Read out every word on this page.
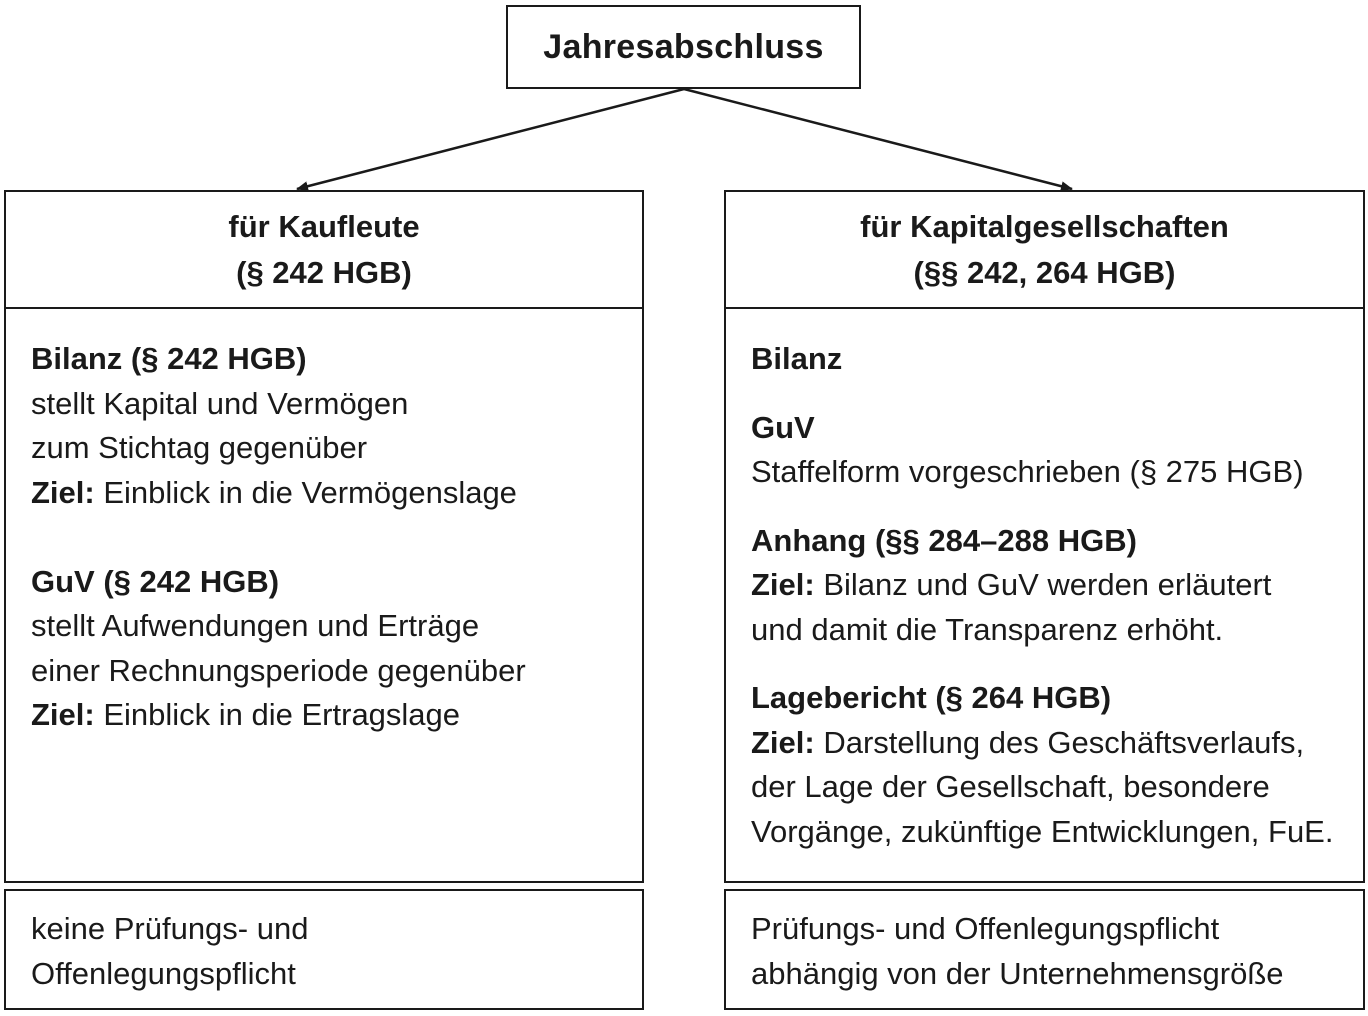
Jahresabschluss
für Kaufleute
(§ 242 HGB)
Bilanz (§ 242 HGB)
stellt Kapital und Vermögen
zum Stichtag gegenüber
Ziel: Einblick in die Vermögenslage
GuV (§ 242 HGB)
stellt Aufwendungen und Erträge
einer Rechnungsperiode gegenüber
Ziel: Einblick in die Ertragslage
keine Prüfungs- und
Offenlegungspflicht
für Kapitalgesellschaften
(§§ 242, 264 HGB)
Bilanz
GuV
Staffelform vorgeschrieben (§ 275 HGB)
Anhang (§§ 284–288 HGB)
Ziel: Bilanz und GuV werden erläutert
und damit die Transparenz erhöht.
Lagebericht (§ 264 HGB)
Ziel: Darstellung des Geschäftsverlaufs,
der Lage der Gesellschaft, besondere
Vorgänge, zukünftige Entwicklungen, FuE.
Prüfungs- und Offenlegungspflicht
abhängig von der Unternehmensgröße
